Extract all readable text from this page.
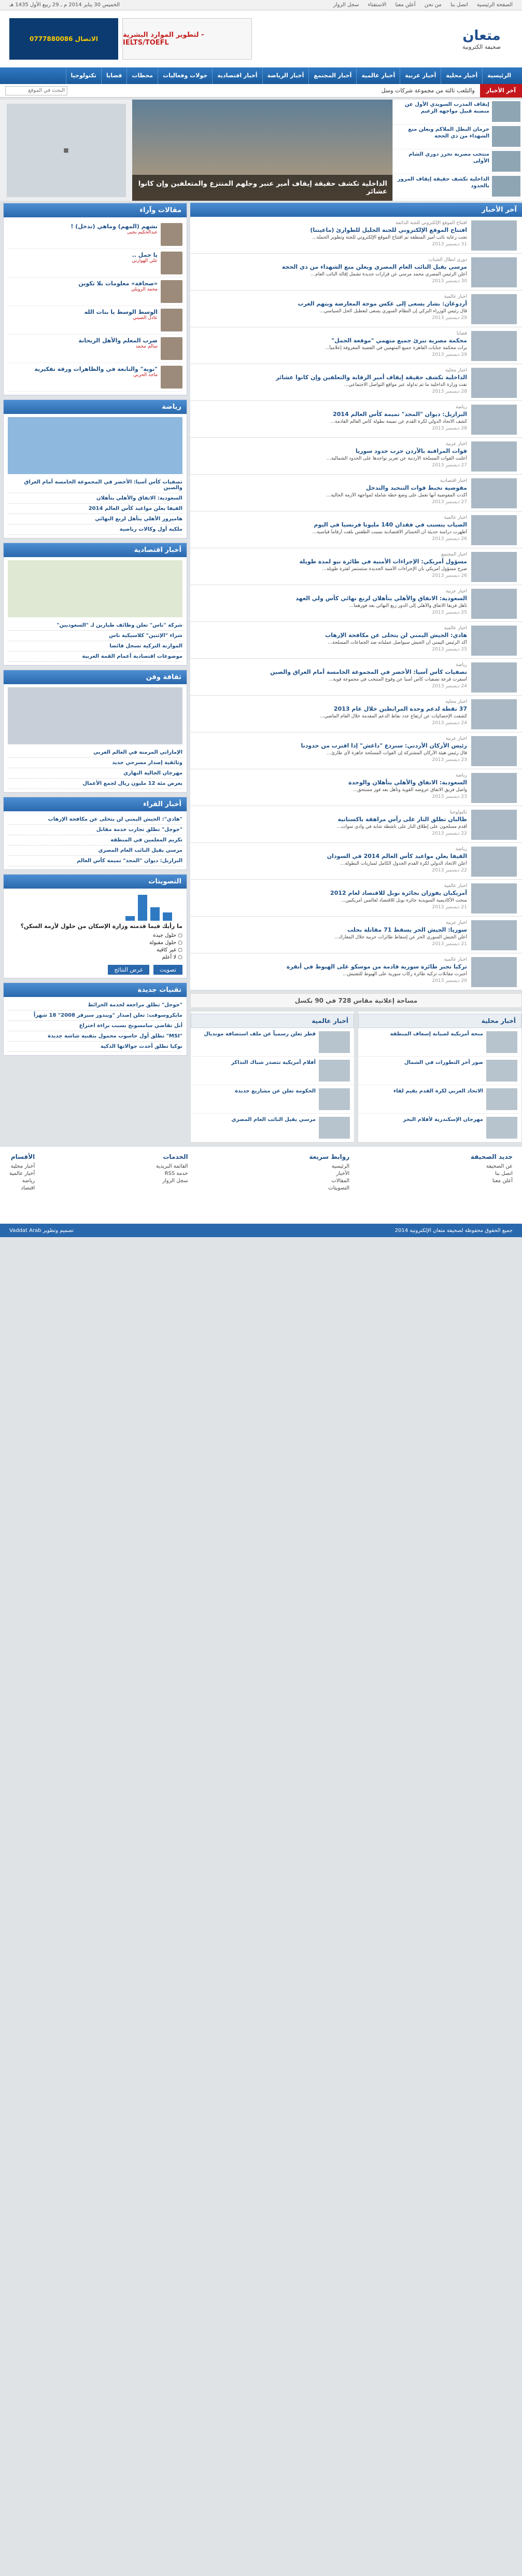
الصفحة الرئيسية اتصل بنا من نحن أعلن معنا الاستفتاء سجل الزوار
الخميس 30 يناير 2014 م ـ 29 ربيع الأول 1435 هـ
متعان
صحيفة الكترونية
الاتصال 0777880086	لتطوير الموارد البشرية - IELTS/TOEFL
الرئيسية
أخبار محلية
أخبار عربية
أخبار عالمية
أخبار المجتمع
أخبار الرياضة
أخبار اقتصادية
جولات وفعاليات
محطات
قضايا
تكنولوجيا
آخر الأخبار
والتلعب ثالثة من مجموعة شركات وسل
البحث في الموقع
إيقاف المدرب السويدي الأول عن منصبه قبيل مواجهة الزعيم
حرمان البطل الملاكم ويعلن منع الشهداء من ذي الحجة
منتخب مصرية تحرز دوري الشام الأولى
الداخلية تكشف حقيقة إيقاف المرور بالحدود
الداخلية تكشف حقيقة إيقاف أمير عنبر وجلهم المنتزع والمتعلفين وإن كانوا عشائر
■
آخر الأخبار
افتتاح الموقع الإلكتروني للجنة الدائمة
افتتاح الموقع الإلكتروني للجنة الجليل للطوارئ (ماعيتنا)
تحت رعاية نائب أمير المنطقة تم افتتاح الموقع الإلكتروني للجنة وتطوير الحملة...
31 ديسمبر 2013
دوري أبطال الشباب
مرسي يقيل النائب العام المصري ويعلن منع الشهداء من ذي الحجة
أعلن الرئيس المصري محمد مرسي عن قرارات جديدة تشمل إقالة النائب العام...
30 ديسمبر 2013
أخبار عالمية
أردوغان: بشار يسعى إلى عكس موجة المعارضة ويتهم الغرب
قال رئيس الوزراء التركي إن النظام السوري يسعى لتعطيل الحل السياسي...
29 ديسمبر 2013
قضايا
محكمة مصرية تبرئ جميع متهمي "موقعة الجمل"
برأت محكمة جنايات القاهرة جميع المتهمين في القضية المعروفة إعلامياً...
29 ديسمبر 2013
أخبار محلية
الداخلية تكشف حقيقة إيقاف أمير الرقابة والتعلفين وإن كانوا عشائر
نفت وزارة الداخلية ما تم تداوله عبر مواقع التواصل الاجتماعي...
28 ديسمبر 2013
رياضة
البرازيل: ديوان "المجد" تميمة كأس العالم 2014
كشف الاتحاد الدولي لكرة القدم عن تميمة بطولة كأس العالم القادمة...
28 ديسمبر 2013
أخبار عربية
قوات المراقبة بالأردن حرب حدود سوريا
أعلنت القوات المسلحة الأردنية عن تعزيز تواجدها على الحدود الشمالية...
27 ديسمبر 2013
أخبار اقتصادية
مفوضية تحبط قوات التنحيد والتدخل
أكدت المفوضية أنها تعمل على وضع خطة شاملة لمواجهة الأزمة الحالية...
27 ديسمبر 2013
أخبار عالمية
الصياب يتسبب في فقدان 140 مليونا فرنسيا في اليوم
أظهرت دراسة حديثة أن الخسائر الاقتصادية بسبب الطقس بلغت أرقاماً قياسية...
26 ديسمبر 2013
أخبار المجتمع
مسؤول أمريكي: الإجراءات الأمنية في طائرة نيو لمدة طويلة
صرح مسؤول أمريكي بأن الإجراءات الأمنية الجديدة ستستمر لفترة طويلة...
26 ديسمبر 2013
أخبار عربية
السعودية: الاتفاق والأهلي يتأهلان لربع نهائي كأس ولي العهد
تأهل فريقا الاتفاق والأهلي إلى الدور ربع النهائي بعد فوزهما...
25 ديسمبر 2013
أخبار عالمية
هادي: الجيش اليمني لن يتخلى عن مكافحة الإرهاب
أكد الرئيس اليمني أن الجيش سيواصل عملياته ضد الجماعات المسلحة...
25 ديسمبر 2013
رياضة
تصفيات كأس آسيا: الأخضر في المجموعة الخامسة أمام العراق والصين
أسفرت قرعة تصفيات كأس آسيا عن وقوع المنتخب في مجموعة قوية...
24 ديسمبر 2013
أخبار محلية
37 نقطة لدعم وحدة المرابطين خلال عام 2013
كشفت الإحصائيات عن ارتفاع عدد نقاط الدعم المقدمة خلال العام الماضي...
24 ديسمبر 2013
أخبار عربية
رئيس الأركان الأردني: سنردع "داعش" إذا اقترب من حدودنا
قال رئيس هيئة الأركان المشتركة إن القوات المسلحة جاهزة لأي طارئ...
23 ديسمبر 2013
رياضة
السعودية: الاتفاق والأهلي يتأهلان والوحدة
واصل فريق الاتفاق عروضه القوية وتأهل بعد فوز مستحق...
23 ديسمبر 2013
تكنولوجيا
طالبان تطلق النار على رأس مراهقة باكستانية
أقدم مسلحون على إطلاق النار على ناشطة شابة في وادي سوات...
22 ديسمبر 2013
رياضة
الفيفا يعلن مواعيد كأس العالم 2014 في السودان
أعلن الاتحاد الدولي لكرة القدم الجدول الكامل لمباريات البطولة...
22 ديسمبر 2013
أخبار عالمية
أمريكيان يفوزان بجائزة نوبل للاقتصاد لعام 2012
منحت الأكاديمية السويدية جائزة نوبل للاقتصاد لعالمين أمريكيين...
21 ديسمبر 2013
أخبار عربية
سوريا: الجيش الحر يسقط 71 مقاتلة بحلب
أعلن الجيش السوري الحر عن إسقاط طائرات حربية خلال المعارك...
21 ديسمبر 2013
أخبار عالمية
تركيا تجبر طائرة سورية قادمة من موسكو على الهبوط في أنقرة
أجبرت مقاتلات تركية طائرة ركاب سورية على الهبوط للتفتيش...
20 ديسمبر 2013
مساحة إعلانية مقاس 728 في 90 بكسل
أخبار محلية
منحة أمريكية لصيانة إسعاف المنطقة
صور آخر التطورات في الشمال
الاتحاد العربي لكرة القدم يقيم لقاء
مهرجان الإسكندرية لأفلام البحر
أخبار عالمية
قطر تعلن رسمياً عن ملف استضافة مونديال
أفلام أمريكية تتصدر شباك التذاكر
الحكومة تعلن عن مشاريع جديدة
مرسي يقيل النائب العام المصري
مقالات وآراء
نشهم (المهم) وماهي (تدخل) !
عبدالحكيم يحيى
يا جمل ..
علي الهوارني
«صحافة» معلومات بلا تكوين
محمد الرويلي
الوسط الوسط يا بنات الله
عادل الصيني
ضرب المعلم والأهل الريحانة
سالم محمد
"نوبة" والنابغة في والظاهرات ورقة تفكيرية
ماجد الحربي
رياضة
تصفيات كأس آسيا: الأخضر في المجموعة الخامسة أمام العراق والصين
السعودية: الاتفاق والأهلي يتأهلان
الفيفا يعلن مواعيد كأس العالم 2014
هاميروز الأهلي يتأهل لربع النهائي
ملكية أول وكالات رياضية
أخبار اقتصادية
شركة "ناس" تعلن وظائف طيارين لـ "السعوديين"
شراء "الإثنين" كلاسيكية ناس
الموازنة التركية تسجل فائضا
موضوعات اقتصادية أعمام القمة العربية
ثقافة وفن
الإماراتي المزمنة في العالم العربي
وثائقية إصدار مسرحي جديد
مهرجان الجالية النهاري
يعرض مئة 12 مليون ريال لجمع الأعمال
أخبار القراء
"هادي": الجيش اليمني لن يتخلى عن مكافحة الإرهاب
"جوجل" تطلق تجارب خدمة مقابل
تكريم المعلمين في المنطقة
مرسي يقيل النائب العام المصري
البرازيل: ديوان "المجد" تميمة كأس العالم
التصويتات
ما رأيك فيما قدمته وزارة الإسكان من حلول لأزمة السكن؟
○ حلول جيدة
○ حلول مقبولة
○ غير كافية
○ لا أعلم
تصويت عرض النتائج
تقنيات جديدة
"جوجل" تطلق مراجعة لخدمة الخرائط
مايكروسوفت: تعلن إصدار "ويندوز سيرفر 2008" 18 شهراً
أبل تقاضي سامسونج بسبب براءة اختراع
"MSI" تطلق أول حاسوب محمول بتقنية شاشة جديدة
نوكيا تطلق أحدث جوالاتها الذكية
جديد الصحيفة
عن الصحيفة
اتصل بنا
أعلن معنا
روابط سريعة
الرئيسية
الأخبار
المقالات
التصويتات
الخدمات
القائمة البريدية
خدمة RSS
سجل الزوار
الأقسام
أخبار محلية
أخبار عالمية
رياضة
اقتصاد
جميع الحقوق محفوظة لصحيفة متعان الإلكترونية 2014
تصميم وتطوير Vaddat Arab
